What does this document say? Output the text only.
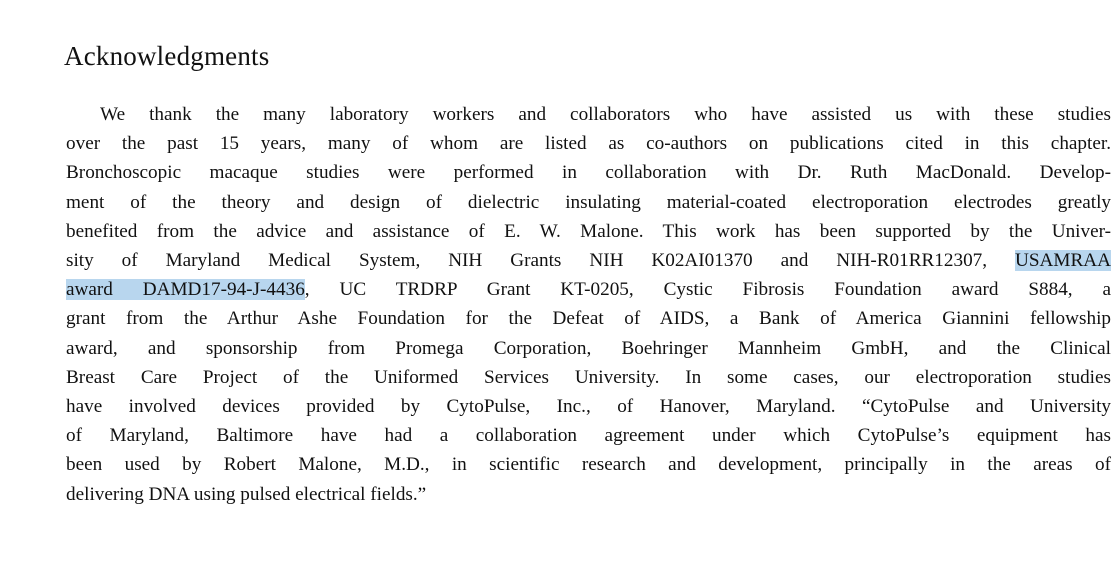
Acknowledgments
We thank the many laboratory workers and collaborators who have assisted us with these studies
over the past 15 years, many of whom are listed as co-authors on publications cited in this chapter.
Bronchoscopic macaque studies were performed in collaboration with Dr. Ruth MacDonald. Develop-
ment of the theory and design of dielectric insulating material-coated electroporation electrodes greatly
benefited from the advice and assistance of E. W. Malone. This work has been supported by the Univer-
sity of Maryland Medical System, NIH Grants NIH K02AI01370 and NIH-R01RR12307, USAMRAA
award DAMD17-94-J-4436, UC TRDRP Grant KT-0205, Cystic Fibrosis Foundation award S884, a
grant from the Arthur Ashe Foundation for the Defeat of AIDS, a Bank of America Giannini fellowship
award, and sponsorship from Promega Corporation, Boehringer Mannheim GmbH, and the Clinical
Breast Care Project of the Uniformed Services University. In some cases, our electroporation studies
have involved devices provided by CytoPulse, Inc., of Hanover, Maryland. “CytoPulse and University
of Maryland, Baltimore have had a collaboration agreement under which CytoPulse’s equipment has
been used by Robert Malone, M.D., in scientific research and development, principally in the areas of
delivering DNA using pulsed electrical fields.”
